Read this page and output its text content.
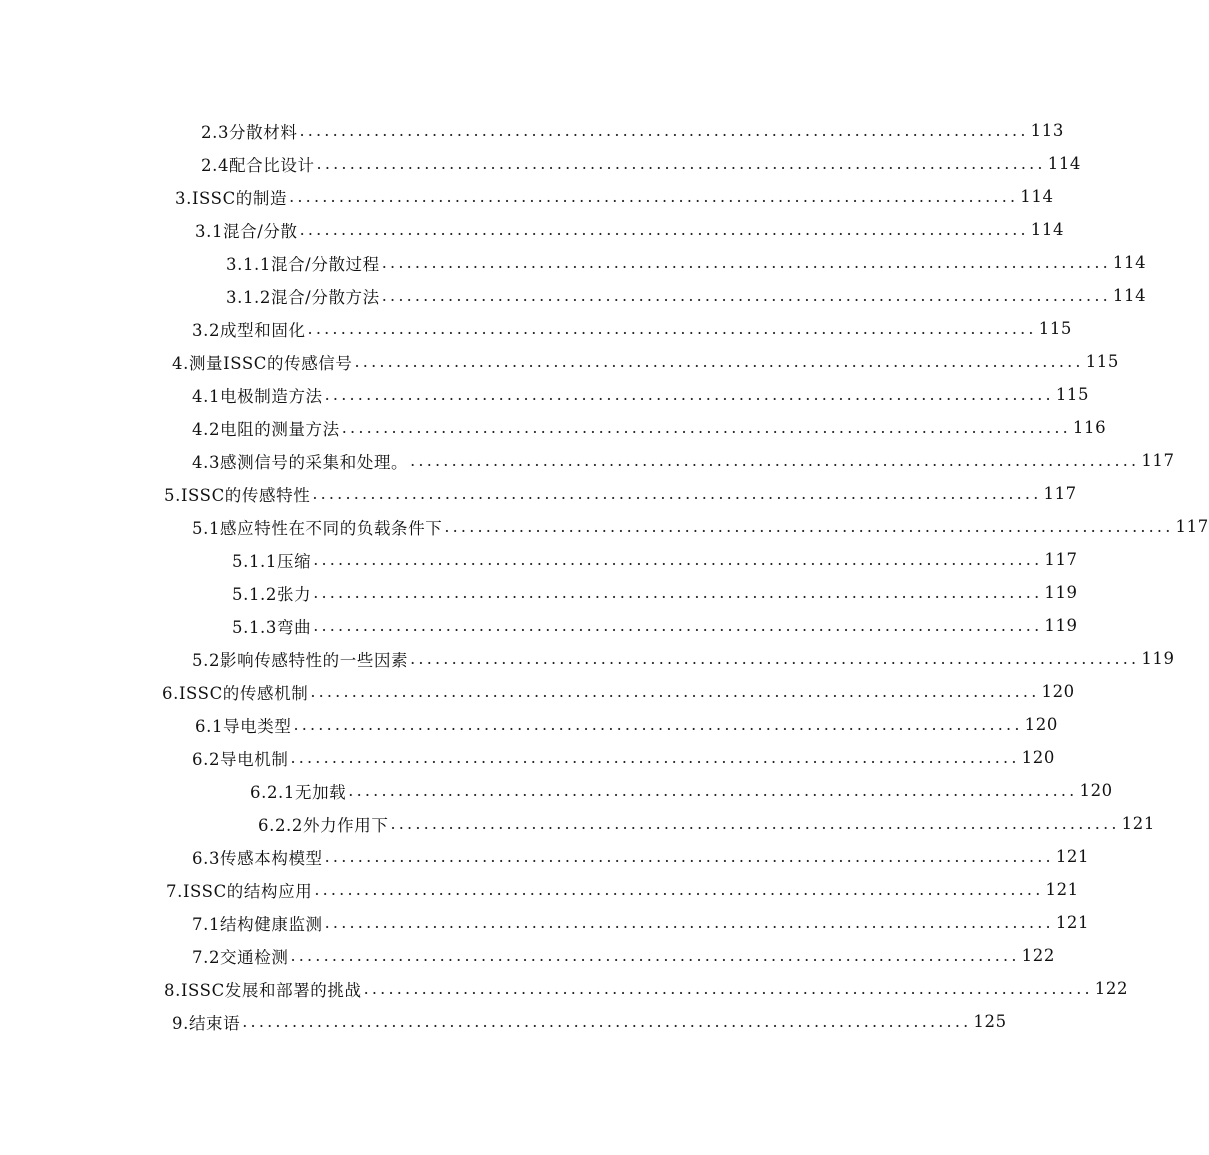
2.3分散材料 ........................................................................................ 113
2.4配合比设计 ........................................................................................ 114
3.ISSC的制造 ........................................................................................ 114
3.1混合/分散 ........................................................................................ 114
3.1.1混合/分散过程 ........................................................................................ 114
3.1.2混合/分散方法 ........................................................................................ 114
3.2成型和固化 ........................................................................................ 115
4.测量ISSC的传感信号 ........................................................................................ 115
4.1电极制造方法 ........................................................................................ 115
4.2电阻的测量方法 ........................................................................................ 116
4.3感测信号的采集和处理。 ........................................................................................ 117
5.ISSC的传感特性 ........................................................................................ 117
5.1感应特性在不同的负载条件下 ........................................................................................ 117
5.1.1压缩 ........................................................................................ 117
5.1.2张力 ........................................................................................ 119
5.1.3弯曲 ........................................................................................ 119
5.2影响传感特性的一些因素 ........................................................................................ 119
6.ISSC的传感机制 ........................................................................................ 120
6.1导电类型 ........................................................................................ 120
6.2导电机制 ........................................................................................ 120
6.2.1无加载 ........................................................................................ 120
6.2.2外力作用下 ........................................................................................ 121
6.3传感本构模型 ........................................................................................ 121
7.ISSC的结构应用 ........................................................................................ 121
7.1结构健康监测 ........................................................................................ 121
7.2交通检测 ........................................................................................ 122
8.ISSC发展和部署的挑战 ........................................................................................ 122
9.结束语 ........................................................................................ 125
